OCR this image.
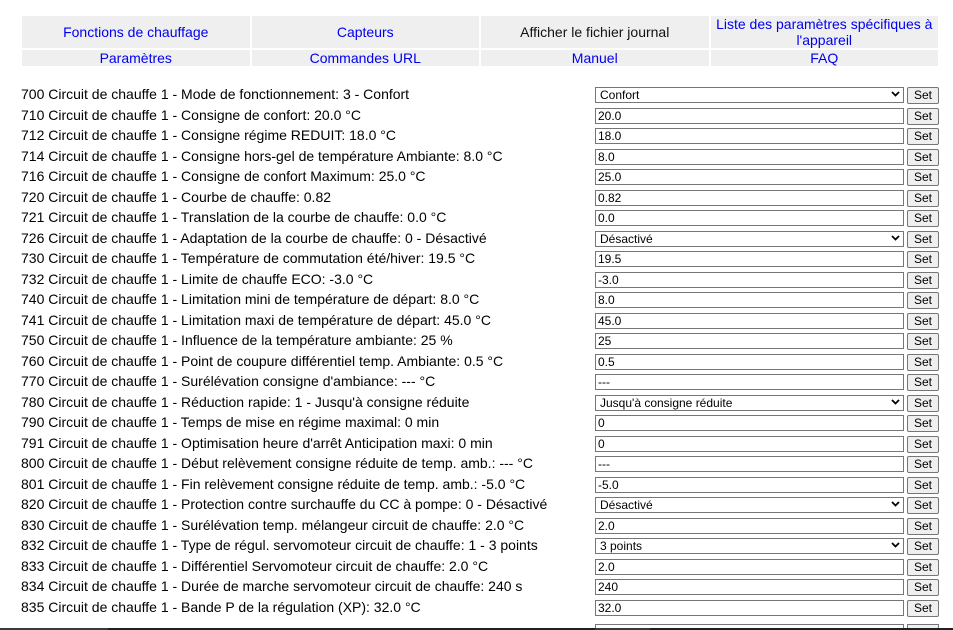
Fonctions de chauffage	Capteurs	Afficher le fichier journal	Liste des paramètres spécifiques à l'appareil
Paramètres	Commandes URL	Manuel	FAQ
700 Circuit de chauffe 1 - Mode de fonctionnement: 3 - Confort	Confort	Set
710 Circuit de chauffe 1 - Consigne de confort: 20.0 °C	20.0	Set
712 Circuit de chauffe 1 - Consigne régime REDUIT: 18.0 °C	18.0	Set
714 Circuit de chauffe 1 - Consigne hors-gel de température Ambiante: 8.0 °C	8.0	Set
716 Circuit de chauffe 1 - Consigne de confort Maximum: 25.0 °C	25.0	Set
720 Circuit de chauffe 1 - Courbe de chauffe: 0.82	0.82	Set
721 Circuit de chauffe 1 - Translation de la courbe de chauffe: 0.0 °C	0.0	Set
726 Circuit de chauffe 1 - Adaptation de la courbe de chauffe: 0 - Désactivé	Désactivé	Set
730 Circuit de chauffe 1 - Température de commutation été/hiver: 19.5 °C	19.5	Set
732 Circuit de chauffe 1 - Limite de chauffe ECO: -3.0 °C	-3.0	Set
740 Circuit de chauffe 1 - Limitation mini de température de départ: 8.0 °C	8.0	Set
741 Circuit de chauffe 1 - Limitation maxi de température de départ: 45.0 °C	45.0	Set
750 Circuit de chauffe 1 - Influence de la température ambiante: 25 %	25	Set
760 Circuit de chauffe 1 - Point de coupure différentiel temp. Ambiante: 0.5 °C	0.5	Set
770 Circuit de chauffe 1 - Surélévation consigne d'ambiance: --- °C	---	Set
780 Circuit de chauffe 1 - Réduction rapide: 1 - Jusqu'à consigne réduite	Jusqu'à consigne réduite	Set
790 Circuit de chauffe 1 - Temps de mise en régime maximal: 0 min	0	Set
791 Circuit de chauffe 1 - Optimisation heure d'arrêt Anticipation maxi: 0 min	0	Set
800 Circuit de chauffe 1 - Début relèvement consigne réduite de temp. amb.: --- °C	---	Set
801 Circuit de chauffe 1 - Fin relèvement consigne réduite de temp. amb.: -5.0 °C	-5.0	Set
820 Circuit de chauffe 1 - Protection contre surchauffe du CC à pompe: 0 - Désactivé	Désactivé	Set
830 Circuit de chauffe 1 - Surélévation temp. mélangeur circuit de chauffe: 2.0 °C	2.0	Set
832 Circuit de chauffe 1 - Type de régul. servomoteur circuit de chauffe: 1 - 3 points	3 points	Set
833 Circuit de chauffe 1 - Différentiel Servomoteur circuit de chauffe: 2.0 °C	2.0	Set
834 Circuit de chauffe 1 - Durée de marche servomoteur circuit de chauffe: 240 s	240	Set
835 Circuit de chauffe 1 - Bande P de la régulation (XP): 32.0 °C	32.0	Set
